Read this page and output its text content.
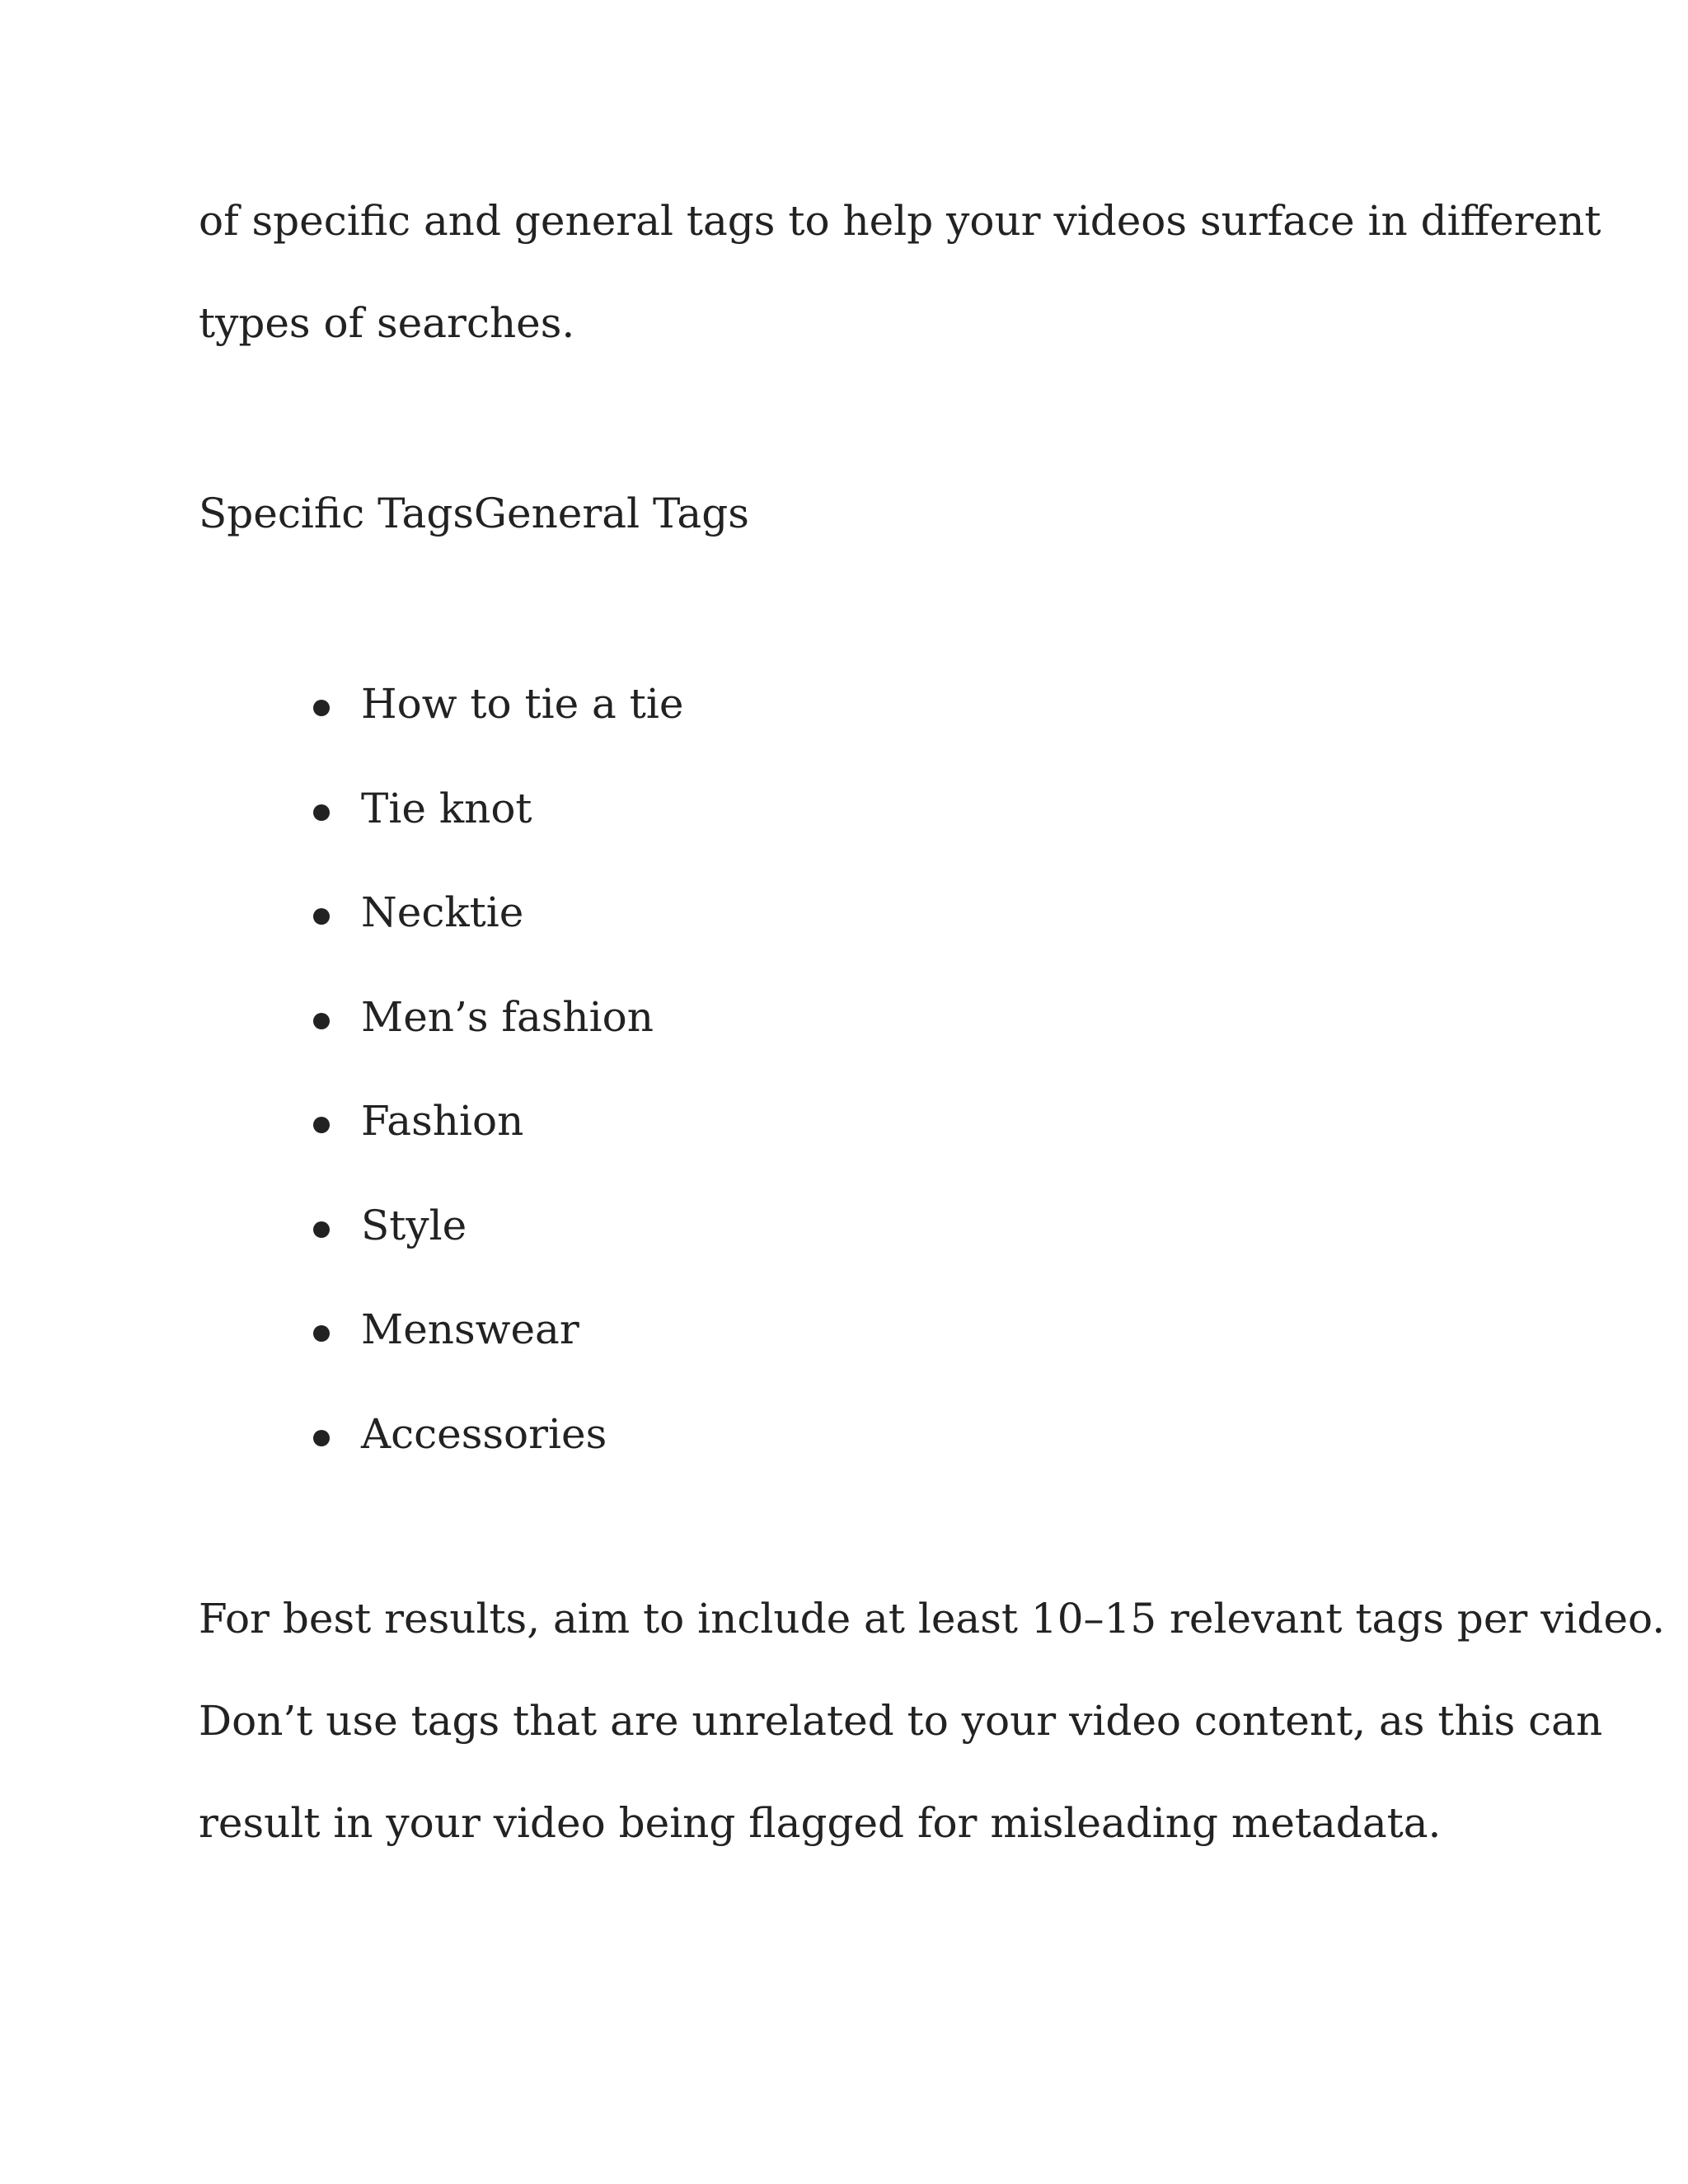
of specific and general tags to help your videos surface in different

types of searches.

Specific TagsGeneral Tags

How to tie a tie
Tie knot
Necktie
Men’s fashion
Fashion
Style
Menswear
Accessories

For best results, aim to include at least 10–15 relevant tags per video.

Don’t use tags that are unrelated to your video content, as this can

result in your video being flagged for misleading metadata.
